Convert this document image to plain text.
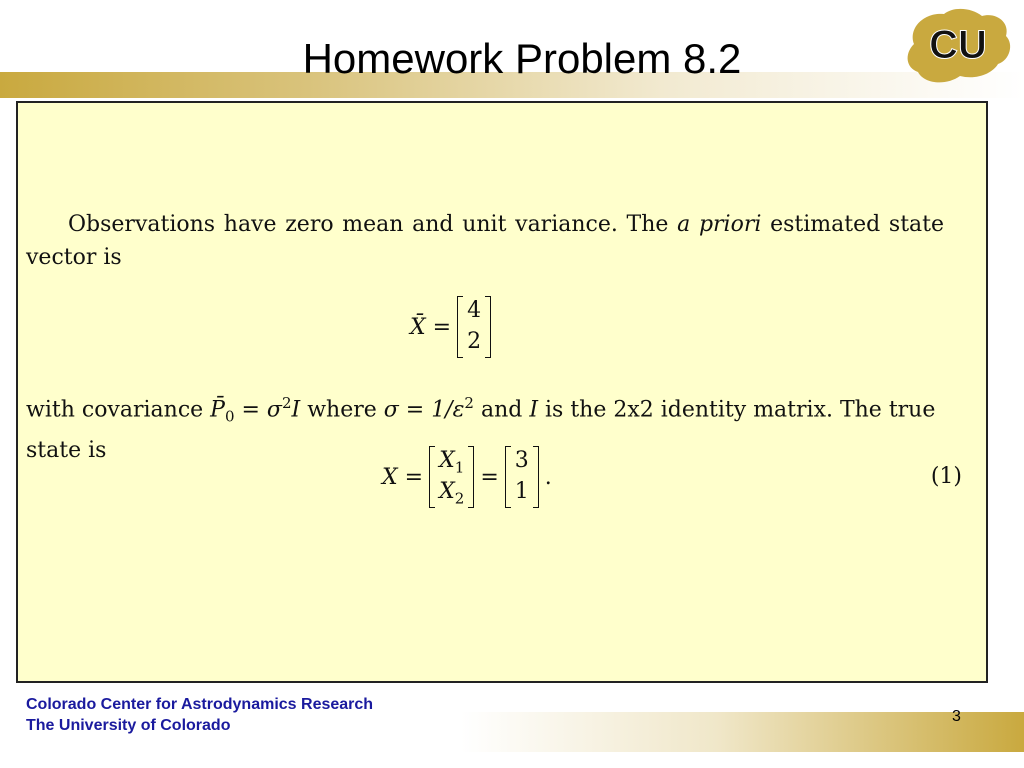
Homework Problem 8.2	CU
Observations have zero mean and unit variance. The a priori estimated state vector is
X̄ =
4
2
with covariance $P̄_0 = \sigma^2I$ where $\sigma = 1/\varepsilon^2$ and I is the 2x2 identity matrix. The true state is
X =
$X_1$
$X_2$
=
3
1
.	(1)
Colorado Center for Astrodynamics Research
The University of Colorado
3
